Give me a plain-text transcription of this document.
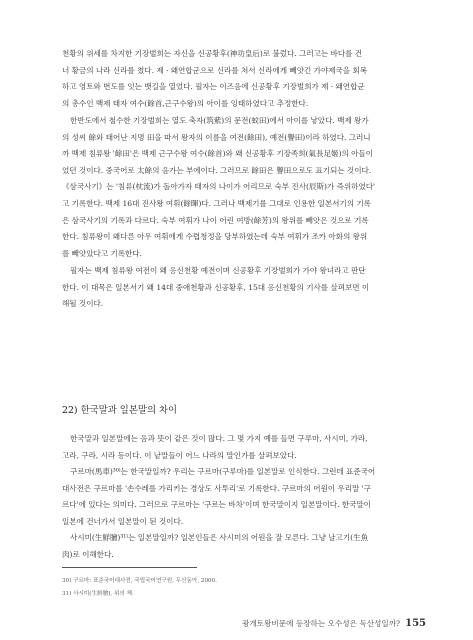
천황의 위세를 차지한 기장벌희는 자신을 신공황후(神功皇后)로 불렀다. 그러고는 바다를 건
너 황금의 나라 신라를 쳤다. 제 · 왜연합군으로 신라를 쳐서 신라에게 빼앗긴 가야제국을 회복
하고 영토와 번도를 잇는 뱃길을 열었다. 필자는 이즈음에 신공황후 기장벌희가 제 · 왜연합군
의 총수인 백제 태자 여수(餘首,근구수왕)의 아이를 잉태하였다고 추정한다.
한반도에서 철수한 기장벌희는 열도 축자(筑紫)의 문전(蚊田)에서 아이를 낳았다. 백제 왕가
의 성씨 餘와 태어난 지명 田을 따서 왕자의 이름을 여전(餘田), 예전(譽田)이라 하였다. 그러니
까 백제 침류왕 '餘田'은 백제 근구수왕 여수(餘首)와 왜 신공황후 기장족희(氣長足姬)의 아들이
었던 것이다. 중국어로 太餘의 음가는 부에이다. 그러므로 餘田은 譽田으로도 표기되는 것이다.
《삼국사기》는 '침류(枕流)가 돌아가자 태자의 나이가 어리므로 숙부 진사(辰斯)가 즉위하였다'
고 기록한다. 백제 16대 진사왕 여휘(餘暉)다. 그러나 백제기를 그대로 인용한 일본서기의 기록
은 삼국사기의 기록과 다르다. 숙부 여휘가 나이 어린 여방(餘芳)의 왕위를 빼앗은 것으로 기록
한다. 침류왕이 왜다른 아우 여휘에게 수렵청정을 당부하였는데 숙부 여휘가 조카 아화의 왕위
를 빼앗았다고 기록한다.
필자는 백제 침류왕 여전이 왜 응신천황 예전이며 신공황후 기장벌희가 가야 왕녀라고 판단
한다. 이 대목은 일본서기 왜 14대 중애천황과 신공황후, 15대 응신천황의 기사를 살펴보면 이
해될 것이다.
22) 한국말과 일본말의 차이
한국말과 일본말에는 음과 뜻이 같은 것이 많다. 그 몇 가지 예를 들면 구루마, 사시미, 가라,
고라, 구라, 시라 등이다. 이 낱말들이 어느 나라의 말인가를 살펴보았다.
구르마(馬車)³⁰⁾는 한국말일까? 우리는 구르마(구루마)를 일본말로 인식한다. 그런데 표준국어
대사전은 구르마를 '손수레를 가리키는 경상도 사투리'로 기록한다. 구르마의 어원이 우리말 '구
르다'에 있다는 의미다. 그러므로 구르마는 '구르는 바차'이며 한국말이지 일본말이다. 한국말이
일본에 건너가서 일본말이 된 것이다.
사시미(生鮮膾)³¹⁾는 일본말일까? 일본인들은 사시미의 어원을 잘 모른다. 그냥 날고기(生魚
肉)로 이해한다.
30) 구르마: 표준국어대사전, 국립국어연구원, 두산동아, 2000.
31) 사시미(生鮮膾), 위의 책.
광개토왕비문에 등장하는 오수성은 독산성일까? 155
